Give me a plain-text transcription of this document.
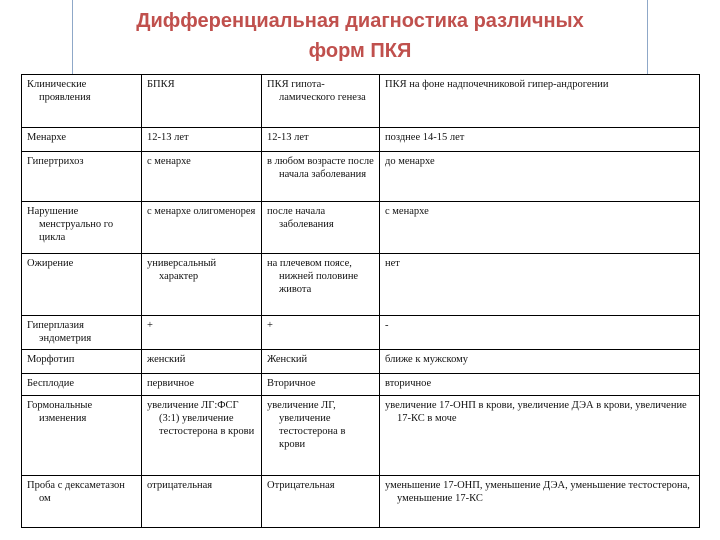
Дифференциальная диагностика различных
форм ПКЯ
Клинические проявления	БПКЯ	ПКЯ гипота-ламического генеза	ПКЯ на фоне надпочечниковой гипер-андрогении

Менархе	12-13 лет	12-13 лет	позднее 14-15 лет

Гипертрихоз	с менархе	в любом возрасте после начала заболевания	до менархе

Нарушение менструально го цикла	с менархе олигоменорея	после начала заболевания	с менархе

Ожирение	универсальный характер	на плечевом поясе, нижней половине живота	нет

Гиперплазия эндометрия	+	+	-

Морфотип	женский	Женский	ближе к мужскому

Бесплодие	первичное	Вторичное	вторичное

Гормональные изменения	увеличение ЛГ:ФСГ (3:1) увеличение тестостерона в крови	увеличение ЛГ, увеличение тестостерона в крови	увеличение 17-ОНП в крови, увеличение ДЭА в крови, увеличение 17-КС в моче

Проба с дексаметазон ом	отрицательная	Отрицательная	уменьшение 17-ОНП, уменьшение ДЭА, уменьшение тестостерона, уменьшение 17-КС
